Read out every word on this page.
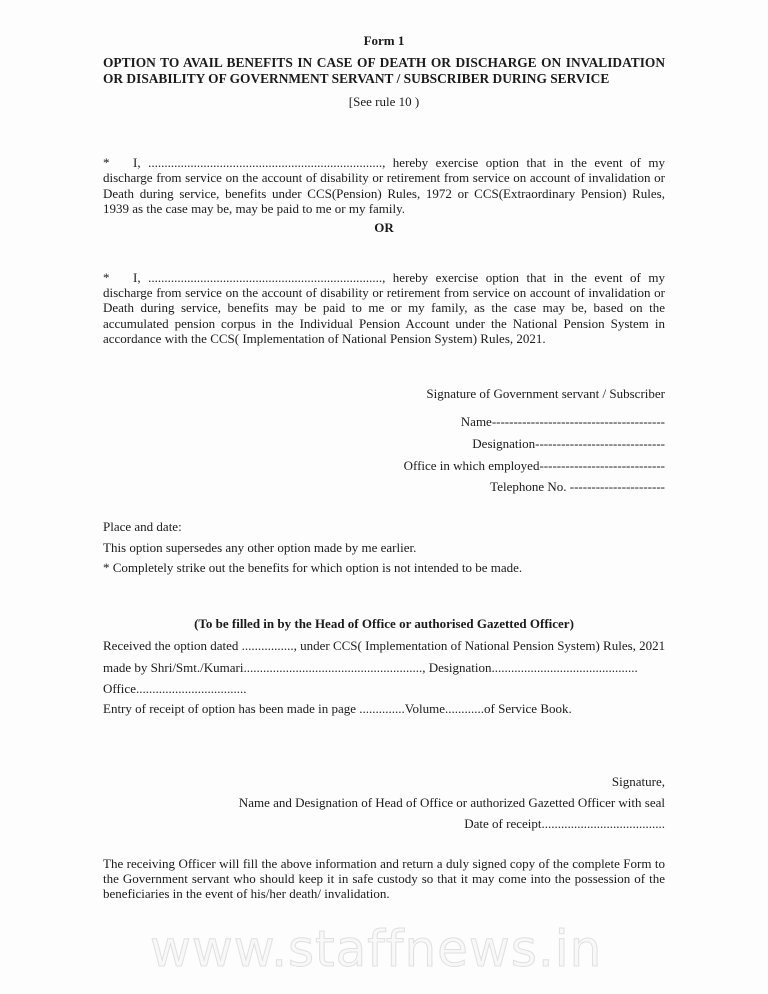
Form 1
OPTION TO AVAIL BENEFITS IN CASE OF DEATH OR DISCHARGE ON INVALIDATION OR DISABILITY OF GOVERNMENT SERVANT / SUBSCRIBER DURING SERVICE
[See rule 10 )

* I, ........................................................................, hereby exercise option that in the event of my discharge from service on the account of disability or retirement from service on account of invalidation or Death during service, benefits under CCS(Pension) Rules, 1972 or CCS(Extraordinary Pension) Rules, 1939 as the case may be, may be paid to me or my family.

OR

* I, ........................................................................, hereby exercise option that in the event of my discharge from service on the account of disability or retirement from service on account of invalidation or Death during service, benefits may be paid to me or my family, as the case may be, based on the accumulated pension corpus in the Individual Pension Account under the National Pension System in accordance with the CCS( Implementation of National Pension System) Rules, 2021.

Signature of Government servant / Subscriber
Name----------------------------------------
Designation------------------------------
Office in which employed-----------------------------
Telephone No. ----------------------
Place and date:
This option supersedes any other option made by me earlier.
* Completely strike out the benefits for which option is not intended to be made.
(To be filled in by the Head of Office or authorised Gazetted Officer)
Received the option dated ................, under CCS( Implementation of National Pension System) Rules, 2021
made by Shri/Smt./Kumari......................................................., Designation.............................................
Office..................................
Entry of receipt of option has been made in page ..............Volume............of Service Book.
Signature,
Name and Designation of Head of Office or authorized Gazetted Officer with seal
Date of receipt......................................

The receiving Officer will fill the above information and return a duly signed copy of the complete Form to the Government servant who should keep it in safe custody so that it may come into the possession of the beneficiaries in the event of his/her death/ invalidation.

www.staffnews.in
